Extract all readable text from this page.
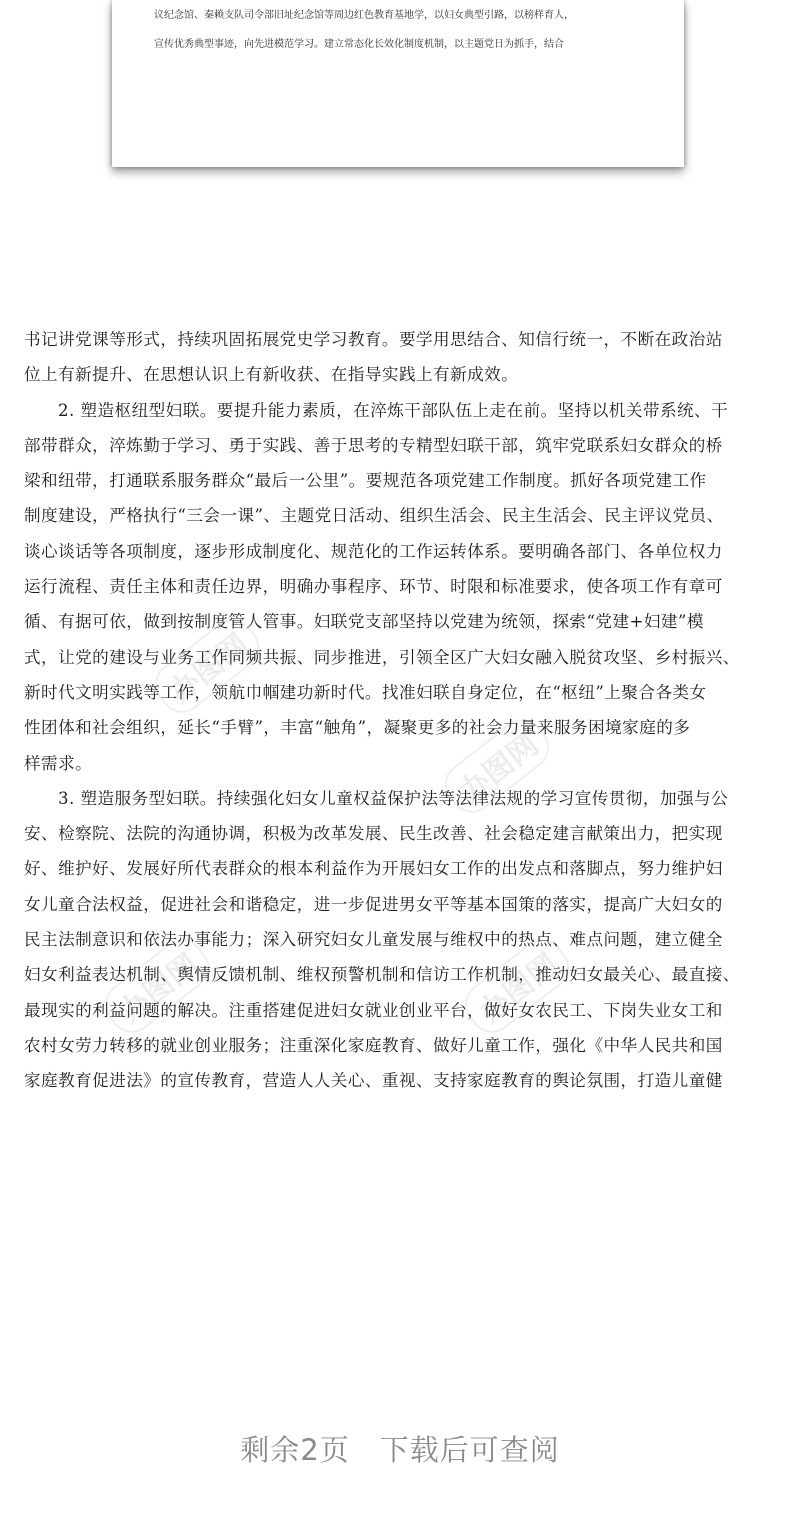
议纪念馆、秦赖支队司令部旧址纪念馆等周边红色教育基地学，以妇女典型引路，以榜样育人，
宣传优秀典型事迹，向先进模范学习。建立常态化长效化制度机制，以主题党日为抓手，结合
办图网
办图网
办图网	办图网
书记讲党课等形式，持续巩固拓展党史学习教育。要学用思结合、知信行统一，不断在政治站
位上有新提升、在思想认识上有新收获、在指导实践上有新成效。
2. 塑造枢纽型妇联。要提升能力素质，在淬炼干部队伍上走在前。坚持以机关带系统、干
部带群众，淬炼勤于学习、勇于实践、善于思考的专精型妇联干部，筑牢党联系妇女群众的桥
梁和纽带，打通联系服务群众“最后一公里”。要规范各项党建工作制度。抓好各项党建工作
制度建设，严格执行“三会一课”、主题党日活动、组织生活会、民主生活会、民主评议党员、
谈心谈话等各项制度，逐步形成制度化、规范化的工作运转体系。要明确各部门、各单位权力
运行流程、责任主体和责任边界，明确办事程序、环节、时限和标准要求，使各项工作有章可
循、有据可依，做到按制度管人管事。妇联党支部坚持以党建为统领，探索“党建+妇建”模
式，让党的建设与业务工作同频共振、同步推进，引领全区广大妇女融入脱贫攻坚、乡村振兴、
新时代文明实践等工作，领航巾帼建功新时代。找准妇联自身定位，在“枢纽”上聚合各类女
性团体和社会组织，延长“手臂”，丰富“触角”，凝聚更多的社会力量来服务困境家庭的多
样需求。
3. 塑造服务型妇联。持续强化妇女儿童权益保护法等法律法规的学习宣传贯彻，加强与公
安、检察院、法院的沟通协调，积极为改革发展、民生改善、社会稳定建言献策出力，把实现
好、维护好、发展好所代表群众的根本利益作为开展妇女工作的出发点和落脚点，努力维护妇
女儿童合法权益，促进社会和谐稳定，进一步促进男女平等基本国策的落实，提高广大妇女的
民主法制意识和依法办事能力；深入研究妇女儿童发展与维权中的热点、难点问题，建立健全
妇女利益表达机制、舆情反馈机制、维权预警机制和信访工作机制，推动妇女最关心、最直接、
最现实的利益问题的解决。注重搭建促进妇女就业创业平台，做好女农民工、下岗失业女工和
农村女劳力转移的就业创业服务；注重深化家庭教育、做好儿童工作，强化《中华人民共和国
家庭教育促进法》的宣传教育，营造人人关心、重视、支持家庭教育的舆论氛围，打造儿童健
剩余2页　下载后可查阅
